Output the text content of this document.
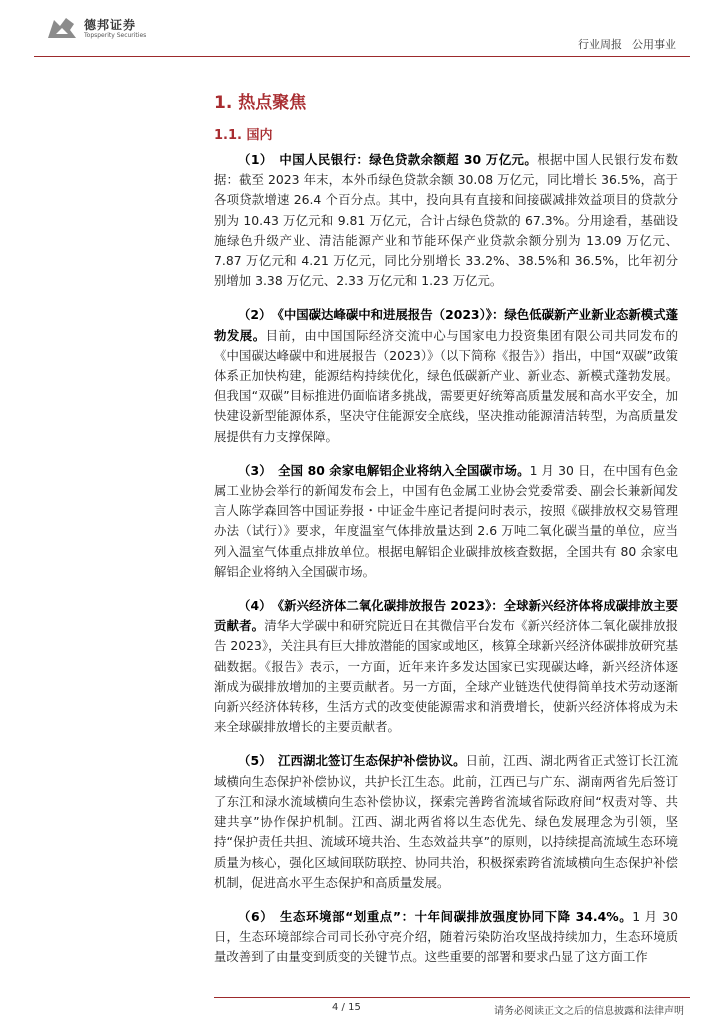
德邦证券
Topsperity Securities
行业周报 公用事业
1. 热点聚焦
1.1. 国内

（1）　中国人民银行：绿色贷款余额超 30 万亿元。根据中国人民银行发布数据：截至 2023 年末，本外币绿色贷款余额 30.08 万亿元，同比增长 36.5%，高于各项贷款增速 26.4 个百分点。其中，投向具有直接和间接碳减排效益项目的贷款分别为 10.43 万亿元和 9.81 万亿元，合计占绿色贷款的 67.3%。分用途看，基础设施绿色升级产业、清洁能源产业和节能环保产业贷款余额分别为 13.09 万亿元、7.87 万亿元和 4.21 万亿元，同比分别增长 33.2%、38.5%和 36.5%，比年初分别增加 3.38 万亿元、2.33 万亿元和 1.23 万亿元。

（2）　《中国碳达峰碳中和进展报告（2023）》：绿色低碳新产业新业态新模式蓬勃发展。目前，由中国国际经济交流中心与国家电力投资集团有限公司共同发布的《中国碳达峰碳中和进展报告（2023）》（以下简称《报告》）指出，中国“双碳”政策体系正加快构建，能源结构持续优化，绿色低碳新产业、新业态、新模式蓬勃发展。但我国“双碳”目标推进仍面临诸多挑战，需要更好统筹高质量发展和高水平安全，加快建设新型能源体系，坚决守住能源安全底线，坚决推动能源清洁转型，为高质量发展提供有力支撑保障。

（3）　全国 80 余家电解铝企业将纳入全国碳市场。1 月 30 日，在中国有色金属工业协会举行的新闻发布会上，中国有色金属工业协会党委常委、副会长兼新闻发言人陈学森回答中国证券报・中证金牛座记者提问时表示，按照《碳排放权交易管理办法（试行）》要求，年度温室气体排放量达到 2.6 万吨二氧化碳当量的单位，应当列入温室气体重点排放单位。根据电解铝企业碳排放核查数据，全国共有 80 余家电解铝企业将纳入全国碳市场。

（4）　《新兴经济体二氧化碳排放报告 2023》：全球新兴经济体将成碳排放主要贡献者。清华大学碳中和研究院近日在其微信平台发布《新兴经济体二氧化碳排放报告 2023》，关注具有巨大排放潜能的国家或地区，核算全球新兴经济体碳排放研究基础数据。《报告》表示，一方面，近年来许多发达国家已实现碳达峰，新兴经济体逐渐成为碳排放增加的主要贡献者。另一方面，全球产业链迭代使得简单技术劳动逐渐向新兴经济体转移，生活方式的改变使能源需求和消费增长，使新兴经济体将成为未来全球碳排放增长的主要贡献者。

（5）　江西湖北签订生态保护补偿协议。日前，江西、湖北两省正式签订长江流域横向生态保护补偿协议，共护长江生态。此前，江西已与广东、湖南两省先后签订了东江和渌水流域横向生态补偿协议，探索完善跨省流域省际政府间“权责对等、共建共享”协作保护机制。江西、湖北两省将以生态优先、绿色发展理念为引领，坚持“保护责任共担、流域环境共治、生态效益共享”的原则，以持续提高流域生态环境质量为核心，强化区域间联防联控、协同共治，积极探索跨省流域横向生态保护补偿机制，促进高水平生态保护和高质量发展。

（6）　生态环境部“划重点”：十年间碳排放强度协同下降 34.4%。1 月 30 日，生态环境部综合司司长孙守亮介绍，随着污染防治攻坚战持续加力，生态环境质量改善到了由量变到质变的关键节点。这些重要的部署和要求凸显了这方面工作

4 / 15	请务必阅读正文之后的信息披露和法律声明
